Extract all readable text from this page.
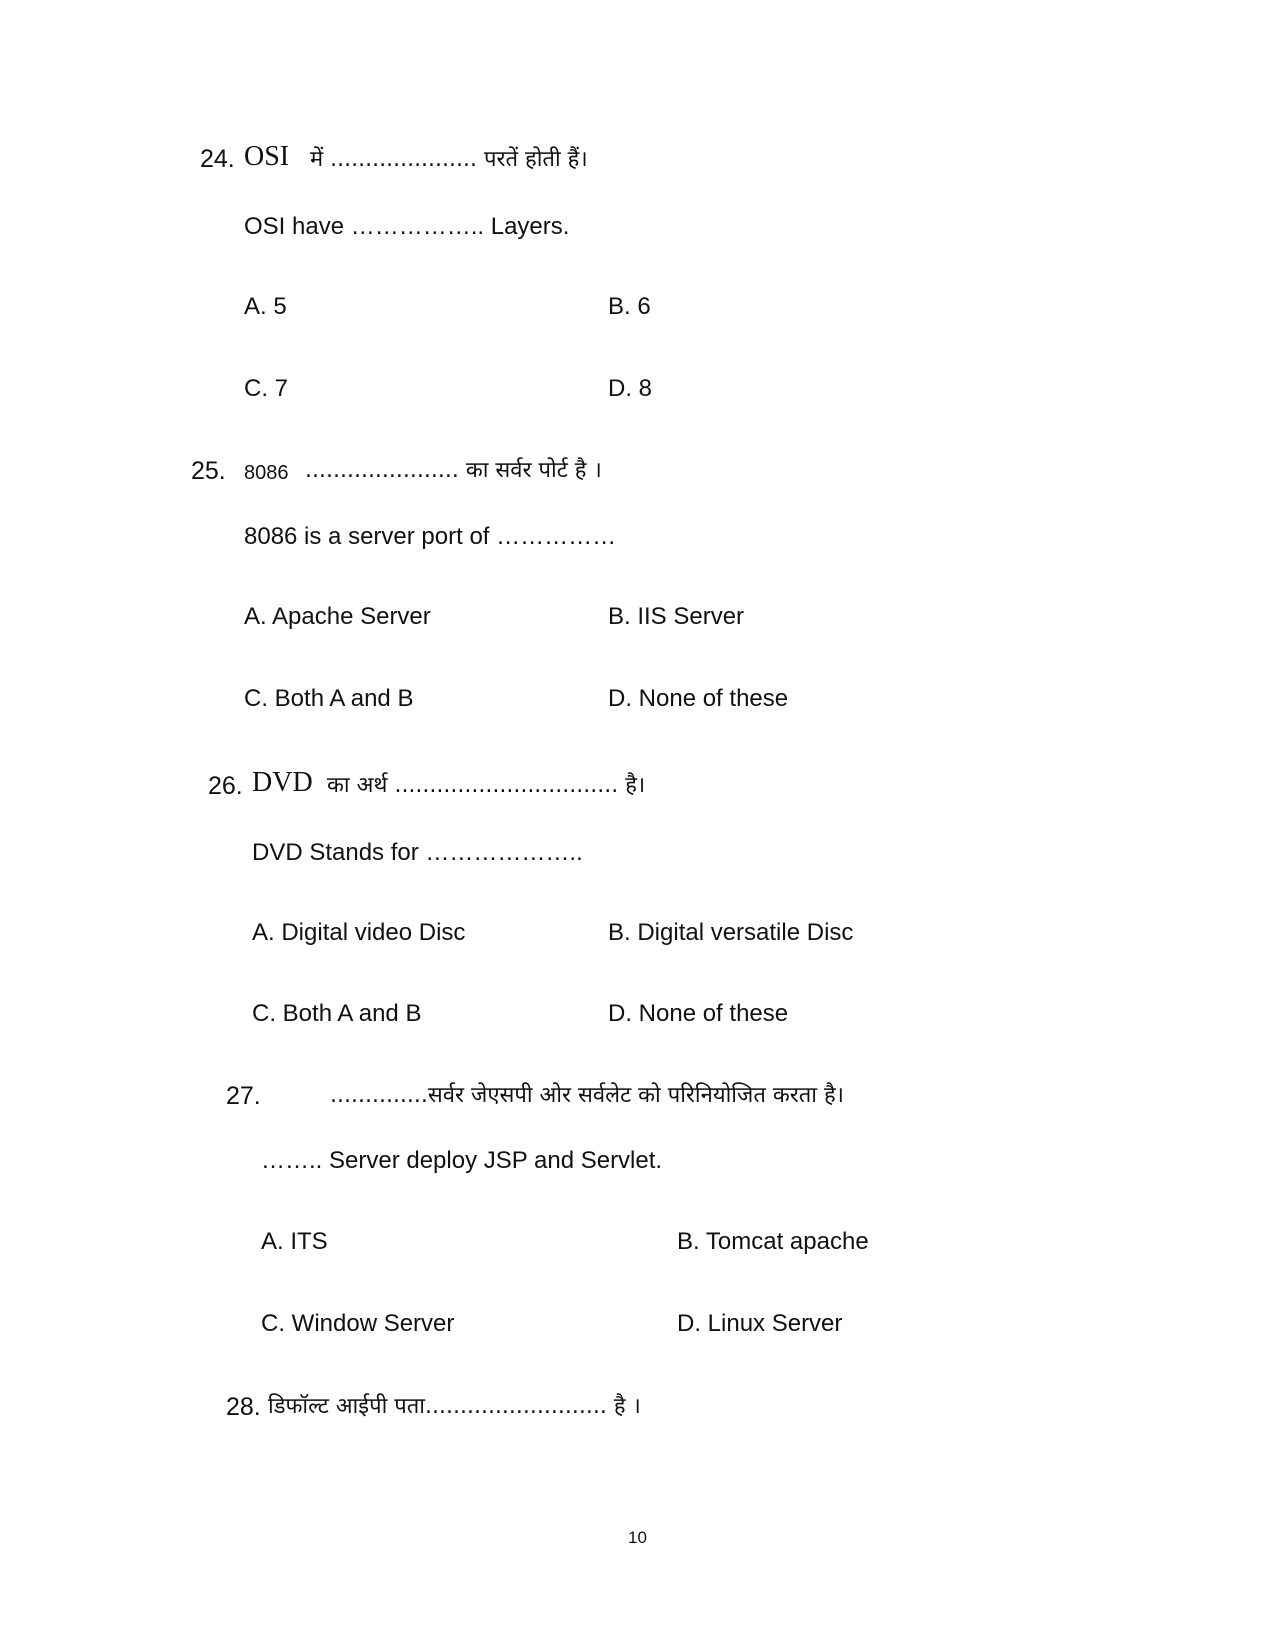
24. OSI में ..................... परतें होती हैं।
OSI have …………….. Layers.
A. 5	B. 6
C. 7	D. 8
25. 8086 ...................... का सर्वर पोर्ट है ।
8086 is a server port of ……………
A. Apache Server	B. IIS Server
C. Both A and B	D. None of these
26. DVD का अर्थ ................................ है।
DVD Stands for ………………..
A. Digital video Disc	B. Digital versatile Disc
C. Both A and B	D. None of these
27.	..............सर्वर जेएसपी ओर सर्वलेट को परिनियोजित करता है।
…….. Server deploy JSP and Servlet.
A. ITS	B. Tomcat apache
C. Window Server	D. Linux Server
28. डिफॉल्ट आईपी पता.......................... है ।
10
